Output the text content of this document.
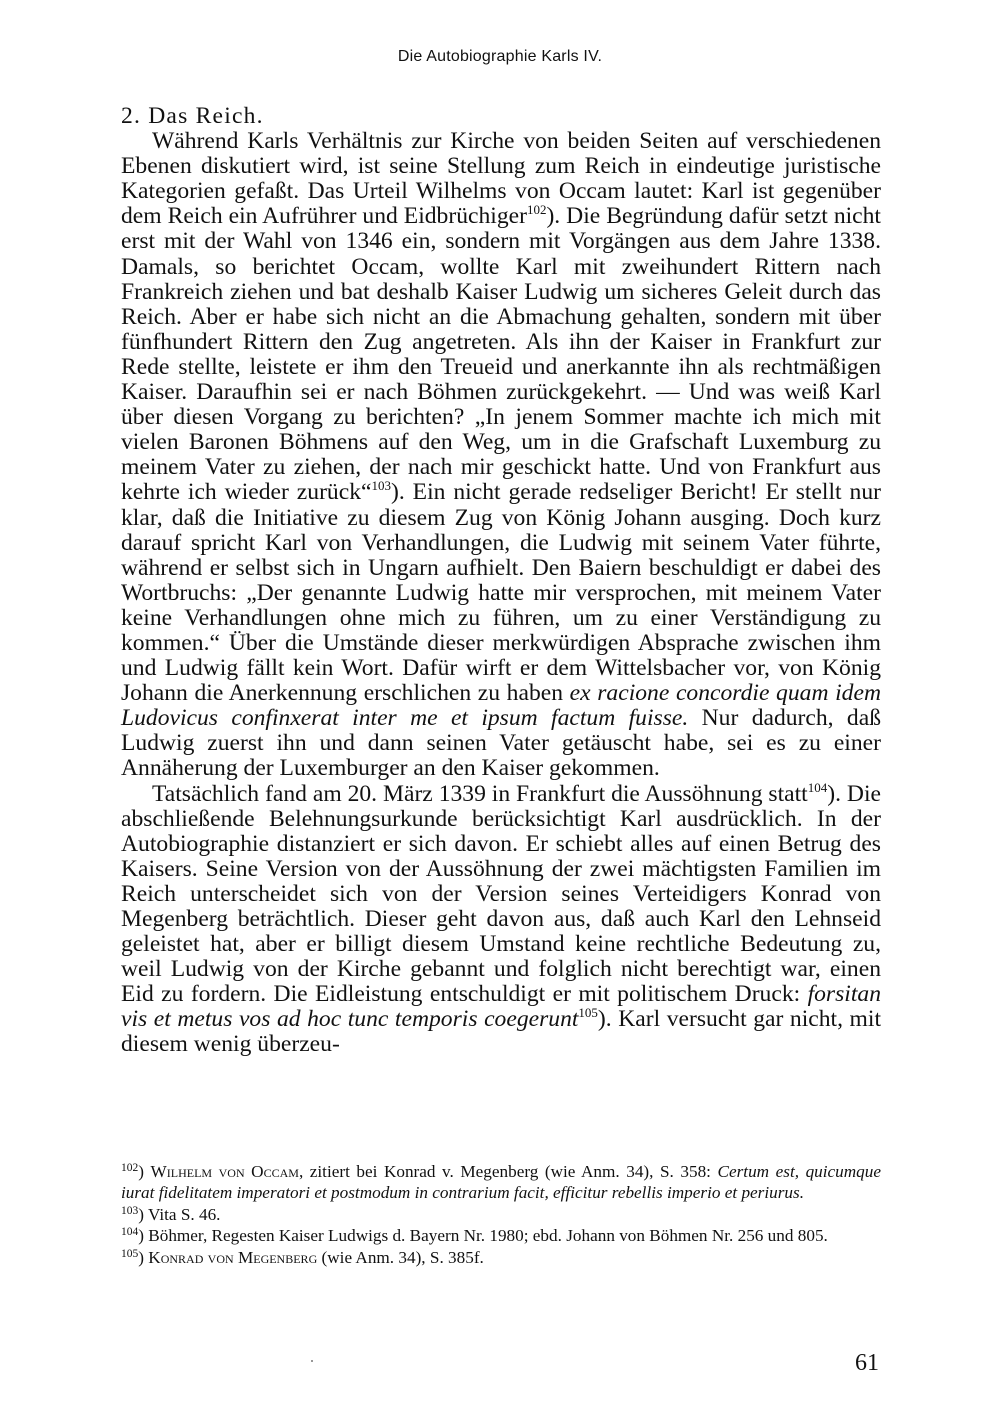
Die Autobiographie Karls IV.

2. Das Reich.

Während Karls Verhältnis zur Kirche von beiden Seiten auf verschiedenen Ebenen diskutiert wird, ist seine Stellung zum Reich in eindeutige juristische Kategorien gefaßt. Das Urteil Wilhelms von Occam lautet: Karl ist gegenüber dem Reich ein Aufrührer und Eidbrüchiger$^{102}$). Die Begründung dafür setzt nicht erst mit der Wahl von 1346 ein, sondern mit Vorgängen aus dem Jahre 1338. Damals, so berichtet Occam, wollte Karl mit zweihundert Rittern nach Frankreich ziehen und bat deshalb Kaiser Ludwig um sicheres Geleit durch das Reich. Aber er habe sich nicht an die Abmachung gehalten, sondern mit über fünfhundert Rittern den Zug angetreten. Als ihn der Kaiser in Frankfurt zur Rede stellte, leistete er ihm den Treueid und anerkannte ihn als rechtmäßigen Kaiser. Daraufhin sei er nach Böhmen zurückgekehrt. — Und was weiß Karl über diesen Vorgang zu berichten? „In jenem Sommer machte ich mich mit vielen Baronen Böhmens auf den Weg, um in die Grafschaft Luxemburg zu meinem Vater zu ziehen, der nach mir geschickt hatte. Und von Frankfurt aus kehrte ich wieder zurück“$^{103}$). Ein nicht gerade redseliger Bericht! Er stellt nur klar, daß die Initiative zu diesem Zug von König Johann ausging. Doch kurz darauf spricht Karl von Verhandlungen, die Ludwig mit seinem Vater führte, während er selbst sich in Ungarn aufhielt. Den Baiern beschuldigt er dabei des Wortbruchs: „Der genannte Ludwig hatte mir versprochen, mit meinem Vater keine Verhandlungen ohne mich zu führen, um zu einer Verständigung zu kommen.“ Über die Umstände dieser merkwürdigen Absprache zwischen ihm und Ludwig fällt kein Wort. Dafür wirft er dem Wittelsbacher vor, von König Johann die Anerkennung erschlichen zu haben ex racione concordie quam idem Ludovicus confinxerat inter me et ipsum factum fuisse. Nur dadurch, daß Ludwig zuerst ihn und dann seinen Vater getäuscht habe, sei es zu einer Annäherung der Luxemburger an den Kaiser gekommen.

Tatsächlich fand am 20. März 1339 in Frankfurt die Aussöhnung statt$^{104}$). Die abschließende Belehnungsurkunde berücksichtigt Karl ausdrücklich. In der Autobiographie distanziert er sich davon. Er schiebt alles auf einen Betrug des Kaisers. Seine Version von der Aussöhnung der zwei mächtigsten Familien im Reich unterscheidet sich von der Version seines Verteidigers Konrad von Megenberg beträchtlich. Dieser geht davon aus, daß auch Karl den Lehnseid geleistet hat, aber er billigt diesem Umstand keine rechtliche Bedeutung zu, weil Ludwig von der Kirche gebannt und folglich nicht berechtigt war, einen Eid zu fordern. Die Eidleistung entschuldigt er mit politischem Druck: forsitan vis et metus vos ad hoc tunc temporis coegerunt$^{105}$). Karl versucht gar nicht, mit diesem wenig überzeu-

$^{102}$) Wilhelm von Occam, zitiert bei Konrad v. Megenberg (wie Anm. 34), S. 358: Certum est, quicumque iurat fidelitatem imperatori et postmodum in contrarium facit, efficitur rebellis imperio et periurus.

$^{103}$) Vita S. 46.

$^{104}$) Böhmer, Regesten Kaiser Ludwigs d. Bayern Nr. 1980; ebd. Johann von Böhmen Nr. 256 und 805.

$^{105}$) Konrad von Megenberg (wie Anm. 34), S. 385f.

61
